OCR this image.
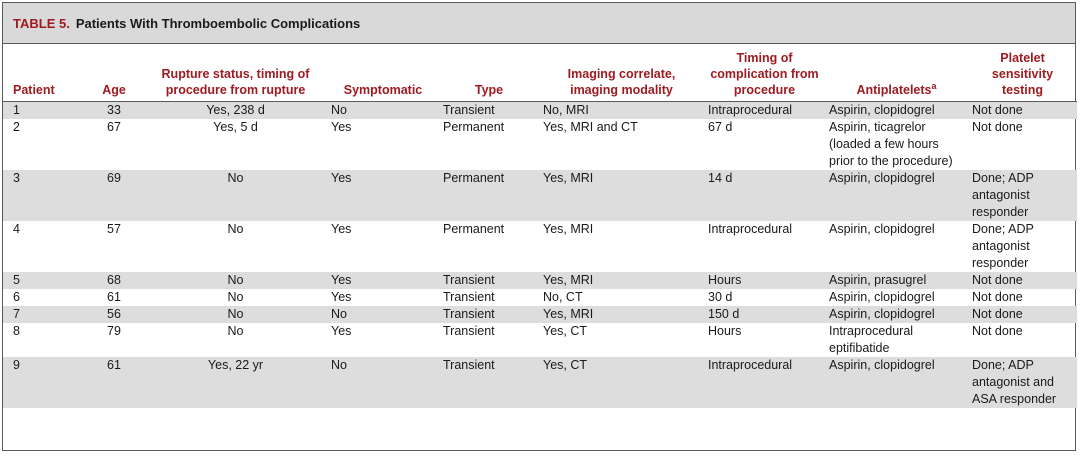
TABLE 5. Patients With Thromboembolic Complications
Patient	Age	Rupture status, timing of procedure from rupture	Symptomatic	Type	Imaging correlate, imaging modality	Timing of complication from procedure	Antiplatelets$^a$	Platelet sensitivity testing
1	33	Yes, 238 d	No	Transient	No, MRI	Intraprocedural	Aspirin, clopidogrel	Not done
2	67	Yes, 5 d	Yes	Permanent	Yes, MRI and CT	67 d	Aspirin, ticagrelor (loaded a few hours prior to the procedure)	Not done
3	69	No	Yes	Permanent	Yes, MRI	14 d	Aspirin, clopidogrel	Done; ADP antagonist responder
4	57	No	Yes	Permanent	Yes, MRI	Intraprocedural	Aspirin, clopidogrel	Done; ADP antagonist responder
5	68	No	Yes	Transient	Yes, MRI	Hours	Aspirin, prasugrel	Not done
6	61	No	Yes	Transient	No, CT	30 d	Aspirin, clopidogrel	Not done
7	56	No	No	Transient	Yes, MRI	150 d	Aspirin, clopidogrel	Not done
8	79	No	Yes	Transient	Yes, CT	Hours	Intraprocedural eptifibatide	Not done
9	61	Yes, 22 yr	No	Transient	Yes, CT	Intraprocedural	Aspirin, clopidogrel	Done; ADP antagonist and ASA responder
